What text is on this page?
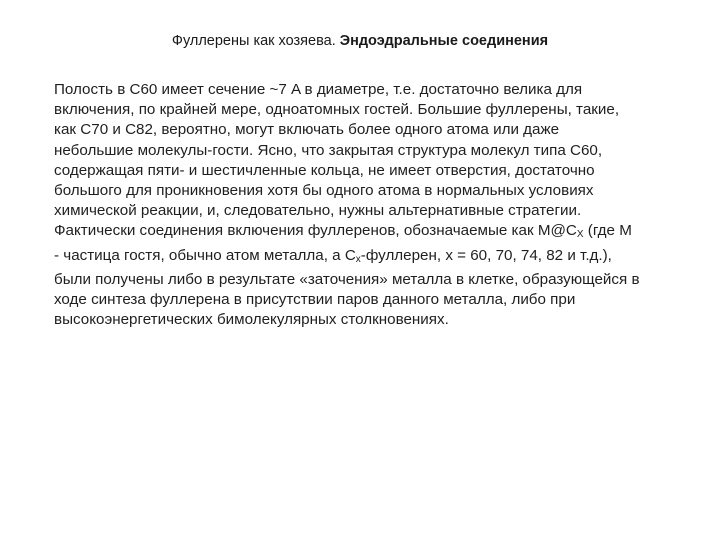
Фуллерены как хозяева. Эндоэдральные соединения
Полость в С60 имеет сечение ~7 A в диаметре, т.е. достаточно велика для
включения, по крайней мере, одноатомных гостей. Большие фуллерены, такие,
как С70 и С82, вероятно, могут включать более одного атома или даже
небольшие молекулы-гости. Ясно, что закрытая структура молекул типа С60,
содержащая пяти- и шестичленные кольца, не имеет отверстия, достаточно
большого для проникновения хотя бы одного атома в нормальных условиях
химической реакции, и, следовательно, нужны альтернативные стратегии.
Фактически соединения включения фуллеренов, обозначаемые как $M@C_X$ (где М
- частица гостя, обычно атом металла, а $C_x$-фуллерен, x = 60, 70, 74, 82 и т.д.),
были получены либо в результате «заточения» металла в клетке, образующейся в
ходе синтеза фуллерена в присутствии паров данного металла, либо при
высокоэнергетических бимолекулярных столкновениях.
